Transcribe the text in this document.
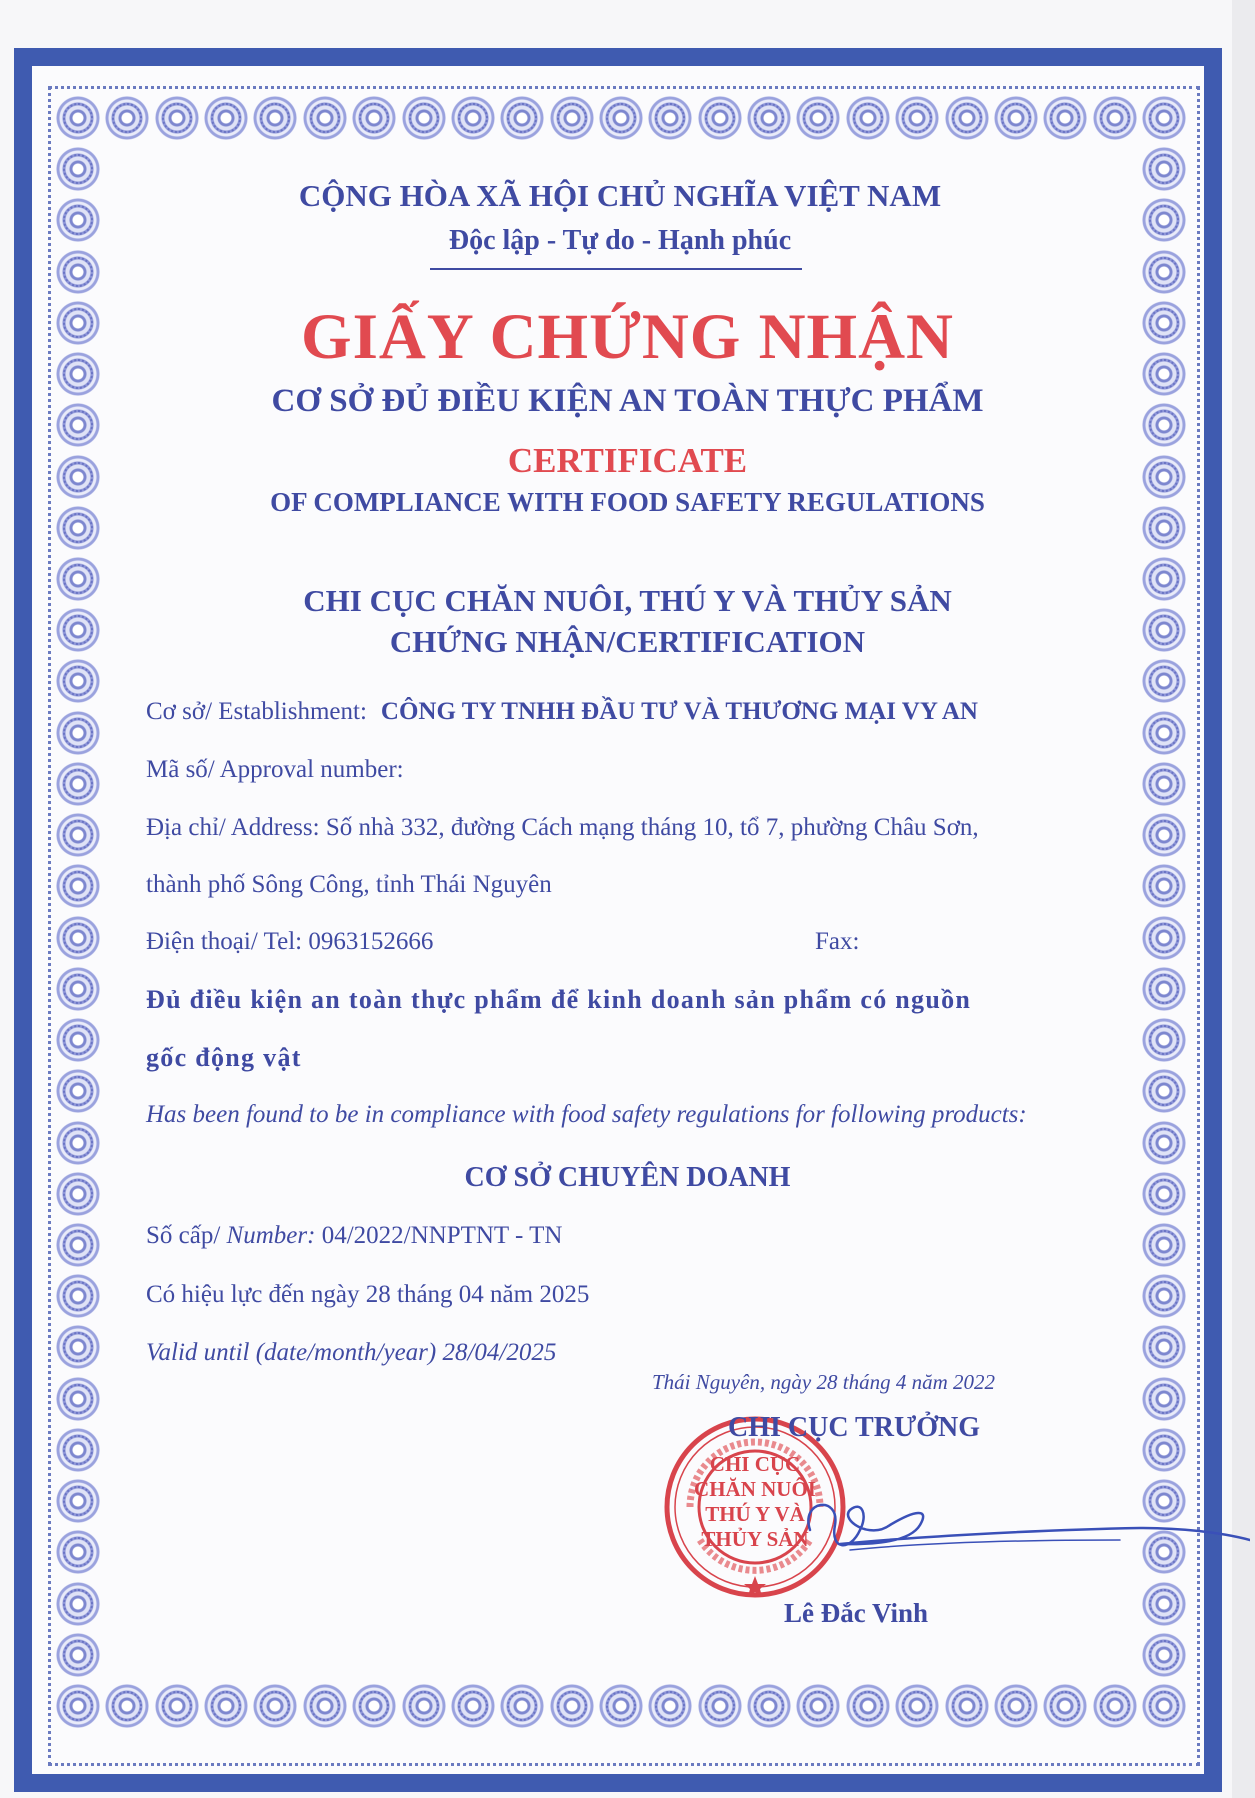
CỘNG HÒA XÃ HỘI CHỦ NGHĨA VIỆT NAM
Độc lập - Tự do - Hạnh phúc
GIẤY CHỨNG NHẬN
CƠ SỞ ĐỦ ĐIỀU KIỆN AN TOÀN THỰC PHẨM
CERTIFICATE
OF COMPLIANCE WITH FOOD SAFETY REGULATIONS
CHI CỤC CHĂN NUÔI, THÚ Y VÀ THỦY SẢN
CHỨNG NHẬN/CERTIFICATION
Cơ sở/ Establishment: CÔNG TY TNHH ĐẦU TƯ VÀ THƯƠNG MẠI VY AN
Mã số/ Approval number:
Địa chỉ/ Address: Số nhà 332, đường Cách mạng tháng 10, tổ 7, phường Châu Sơn,
thành phố Sông Công, tỉnh Thái Nguyên
Điện thoại/ Tel: 0963152666	Fax:
Đủ điều kiện an toàn thực phẩm để kinh doanh sản phẩm có nguồn
gốc động vật
Has been found to be in compliance with food safety regulations for following products:
CƠ SỞ CHUYÊN DOANH
Số cấp/ Number: 04/2022/NNPTNT - TN
Có hiệu lực đến ngày 28 tháng 04 năm 2025
Valid until (date/month/year) 28/04/2025
Thái Nguyên, ngày 28 tháng 4 năm 2022
CHI CỤC TRƯỞNG
CHI CỤC
CHĂN NUÔI
THÚ Y VÀ
THỦY SẢN
Lê Đắc Vinh
